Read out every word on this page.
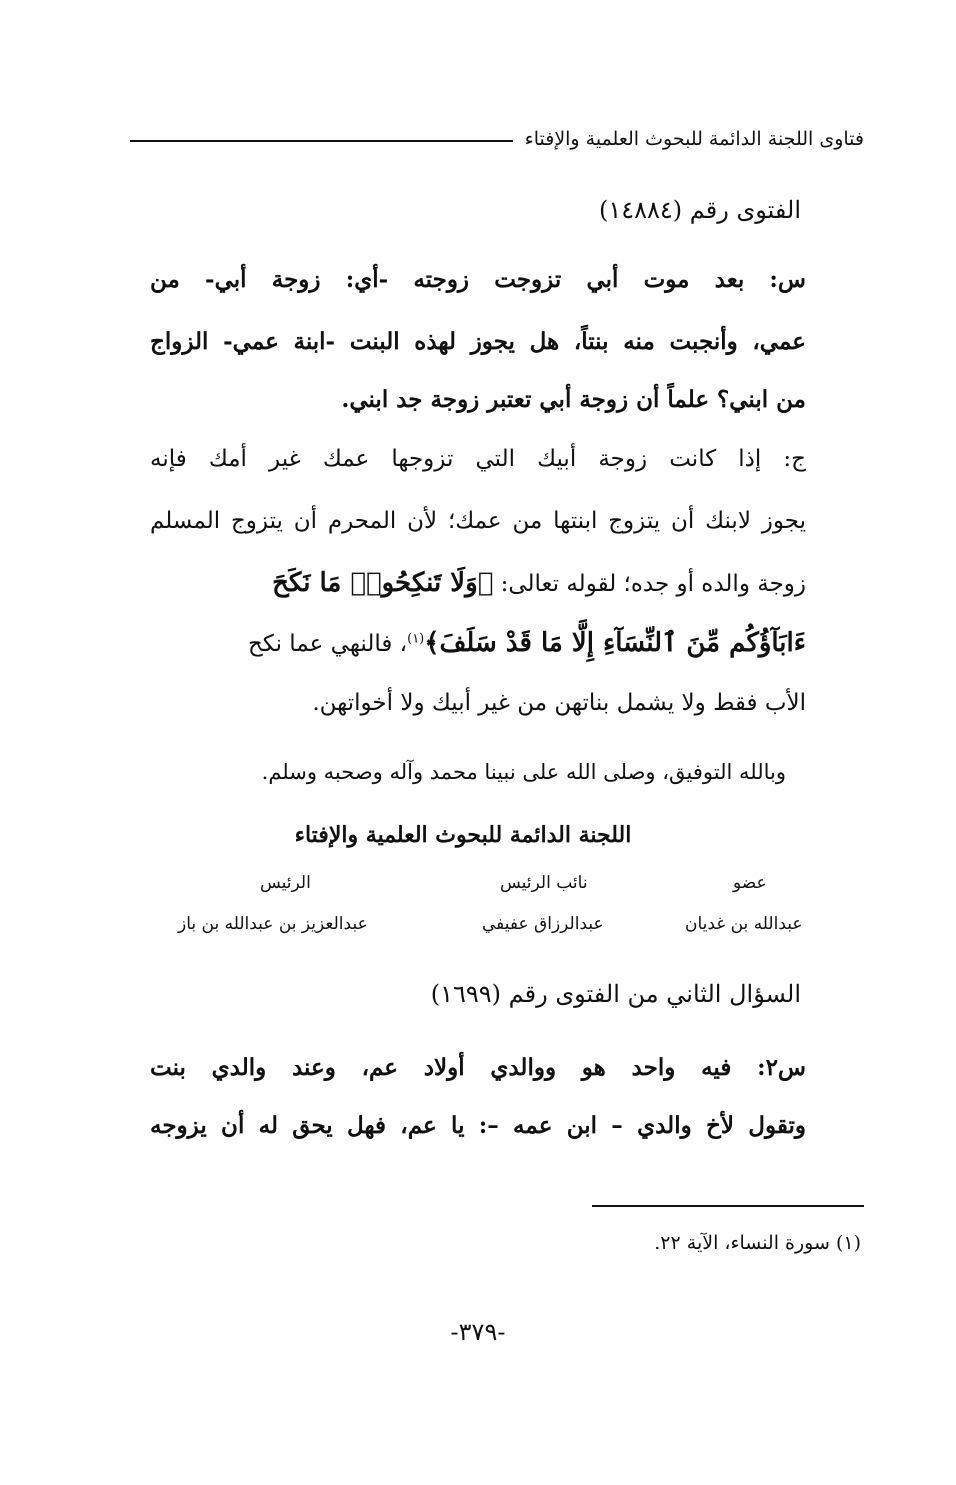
فتاوى اللجنة الدائمة للبحوث العلمية والإفتاء
الفتوى رقم (١٤٨٨٤)
س: بعد موت أبي تزوجت زوجته -أي: زوجة أبي- من
عمي، وأنجبت منه بنتاً، هل يجوز لهذه البنت -ابنة عمي- الزواج
من ابني؟ علماً أن زوجة أبي تعتبر زوجة جد ابني.
ج: إذا كانت زوجة أبيك التي تزوجها عمك غير أمك فإنه
يجوز لابنك أن يتزوج ابنتها من عمك؛ لأن المحرم أن يتزوج المسلم
زوجة والده أو جده؛ لقوله تعالى: ﴿وَلَا تَنكِحُوا۟ مَا نَكَحَ
ءَابَآؤُكُم مِّنَ ٱلنِّسَآءِ إِلَّا مَا قَدْ سَلَفَ﴾$^{(١)}$، فالنهي عما نكح
الأب فقط ولا يشمل بناتهن من غير أبيك ولا أخواتهن.
وبالله التوفيق، وصلى الله على نبينا محمد وآله وصحبه وسلم.
اللجنة الدائمة للبحوث العلمية والإفتاء
الرئيس
عبدالعزيز بن عبدالله بن باز
نائب الرئيس
عبدالرزاق عفيفي
عضو
عبدالله بن غديان
السؤال الثاني من الفتوى رقم (١٦٩٩)
س٢: فيه واحد هو ووالدي أولاد عم، وعند والدي بنت
وتقول لأخ والدي – ابن عمه –: يا عم، فهل يحق له أن يزوجه
(١) سورة النساء، الآية ٢٢.
-٣٧٩-
